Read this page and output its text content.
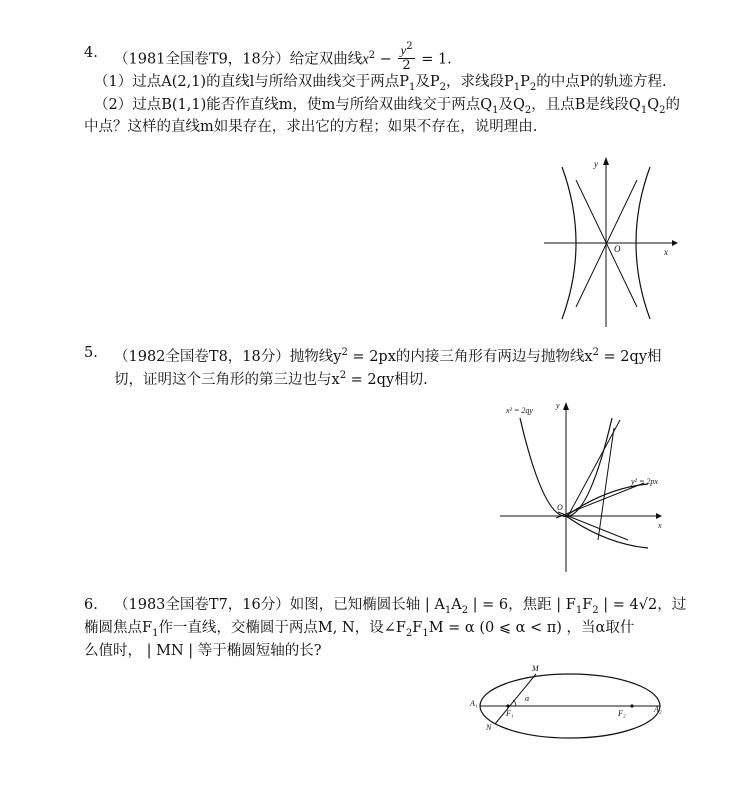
4. （1981全国卷T9，18分）给定双曲线$x^2 - \frac{y^2}{2} = 1$.
（1）过点A(2,1)的直线l与所给双曲线交于两点$P_1$及$P_2$，求线段$P_1P_2$的中点P的轨迹方程.
（2）过点B(1,1)能否作直线m，使m与所给双曲线交于两点$Q_1$及$Q_2$，且点B是线段$Q_1Q_2$的
中点？这样的直线m如果存在，求出它的方程；如果不存在，说明理由.
y
x
O
5. （1982全国卷T8，18分）抛物线$y^2 = 2px$的内接三角形有两边与抛物线$x^2 = 2qy$相
切，证明这个三角形的第三边也与$x^2 = 2qy$相切.
x² = 2qy
y² = 2px
y
x
O
6. （1983全国卷T7，16分）如图，已知椭圆长轴 | $A_1A_2$ | = 6，焦距 | $F_1F_2$ | = 4√2，过
椭圆焦点$F_1$作一直线，交椭圆于两点M, N，设$\angle F_2F_1M = \alpha$ (0 ⩽ α < π) ，当α取什
么值时， | MN | 等于椭圆短轴的长?
M
N
α
A₁
A₂
F₁	F₂
